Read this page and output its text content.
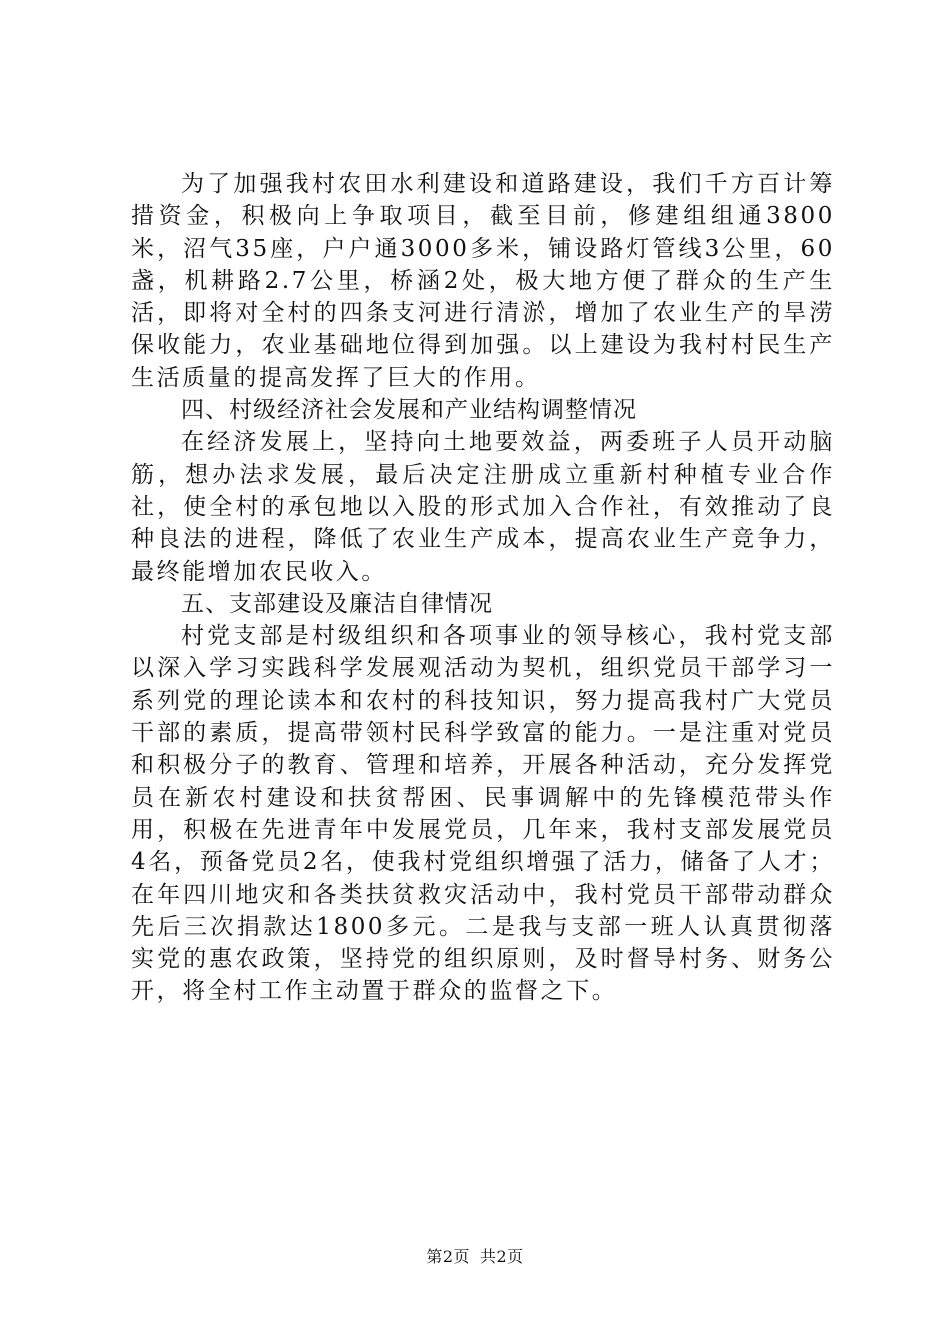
为了加强我村农田水利建设和道路建设，我们千方百计筹措资金，积极向上争取项目，截至目前，修建组组通3800米，沼气35座，户户通3000多米，铺设路灯管线3公里，60盏，机耕路2.7公里，桥涵2处，极大地方便了群众的生产生活，即将对全村的四条支河进行清淤，增加了农业生产的旱涝保收能力，农业基础地位得到加强。以上建设为我村村民生产生活质量的提高发挥了巨大的作用。

四、村级经济社会发展和产业结构调整情况

在经济发展上，坚持向土地要效益，两委班子人员开动脑筋，想办法求发展，最后决定注册成立重新村种植专业合作社，使全村的承包地以入股的形式加入合作社，有效推动了良种良法的进程，降低了农业生产成本，提高农业生产竞争力，最终能增加农民收入。

五、支部建设及廉洁自律情况

村党支部是村级组织和各项事业的领导核心，我村党支部以深入学习实践科学发展观活动为契机，组织党员干部学习一系列党的理论读本和农村的科技知识，努力提高我村广大党员干部的素质，提高带领村民科学致富的能力。一是注重对党员和积极分子的教育、管理和培养，开展各种活动，充分发挥党员在新农村建设和扶贫帮困、民事调解中的先锋模范带头作用，积极在先进青年中发展党员，几年来，我村支部发展党员4名，预备党员2名，使我村党组织增强了活力，储备了人才；在年四川地灾和各类扶贫救灾活动中，我村党员干部带动群众先后三次捐款达1800多元。二是我与支部一班人认真贯彻落实党的惠农政策，坚持党的组织原则，及时督导村务、财务公开，将全村工作主动置于群众的监督之下。

第2页 共2页
